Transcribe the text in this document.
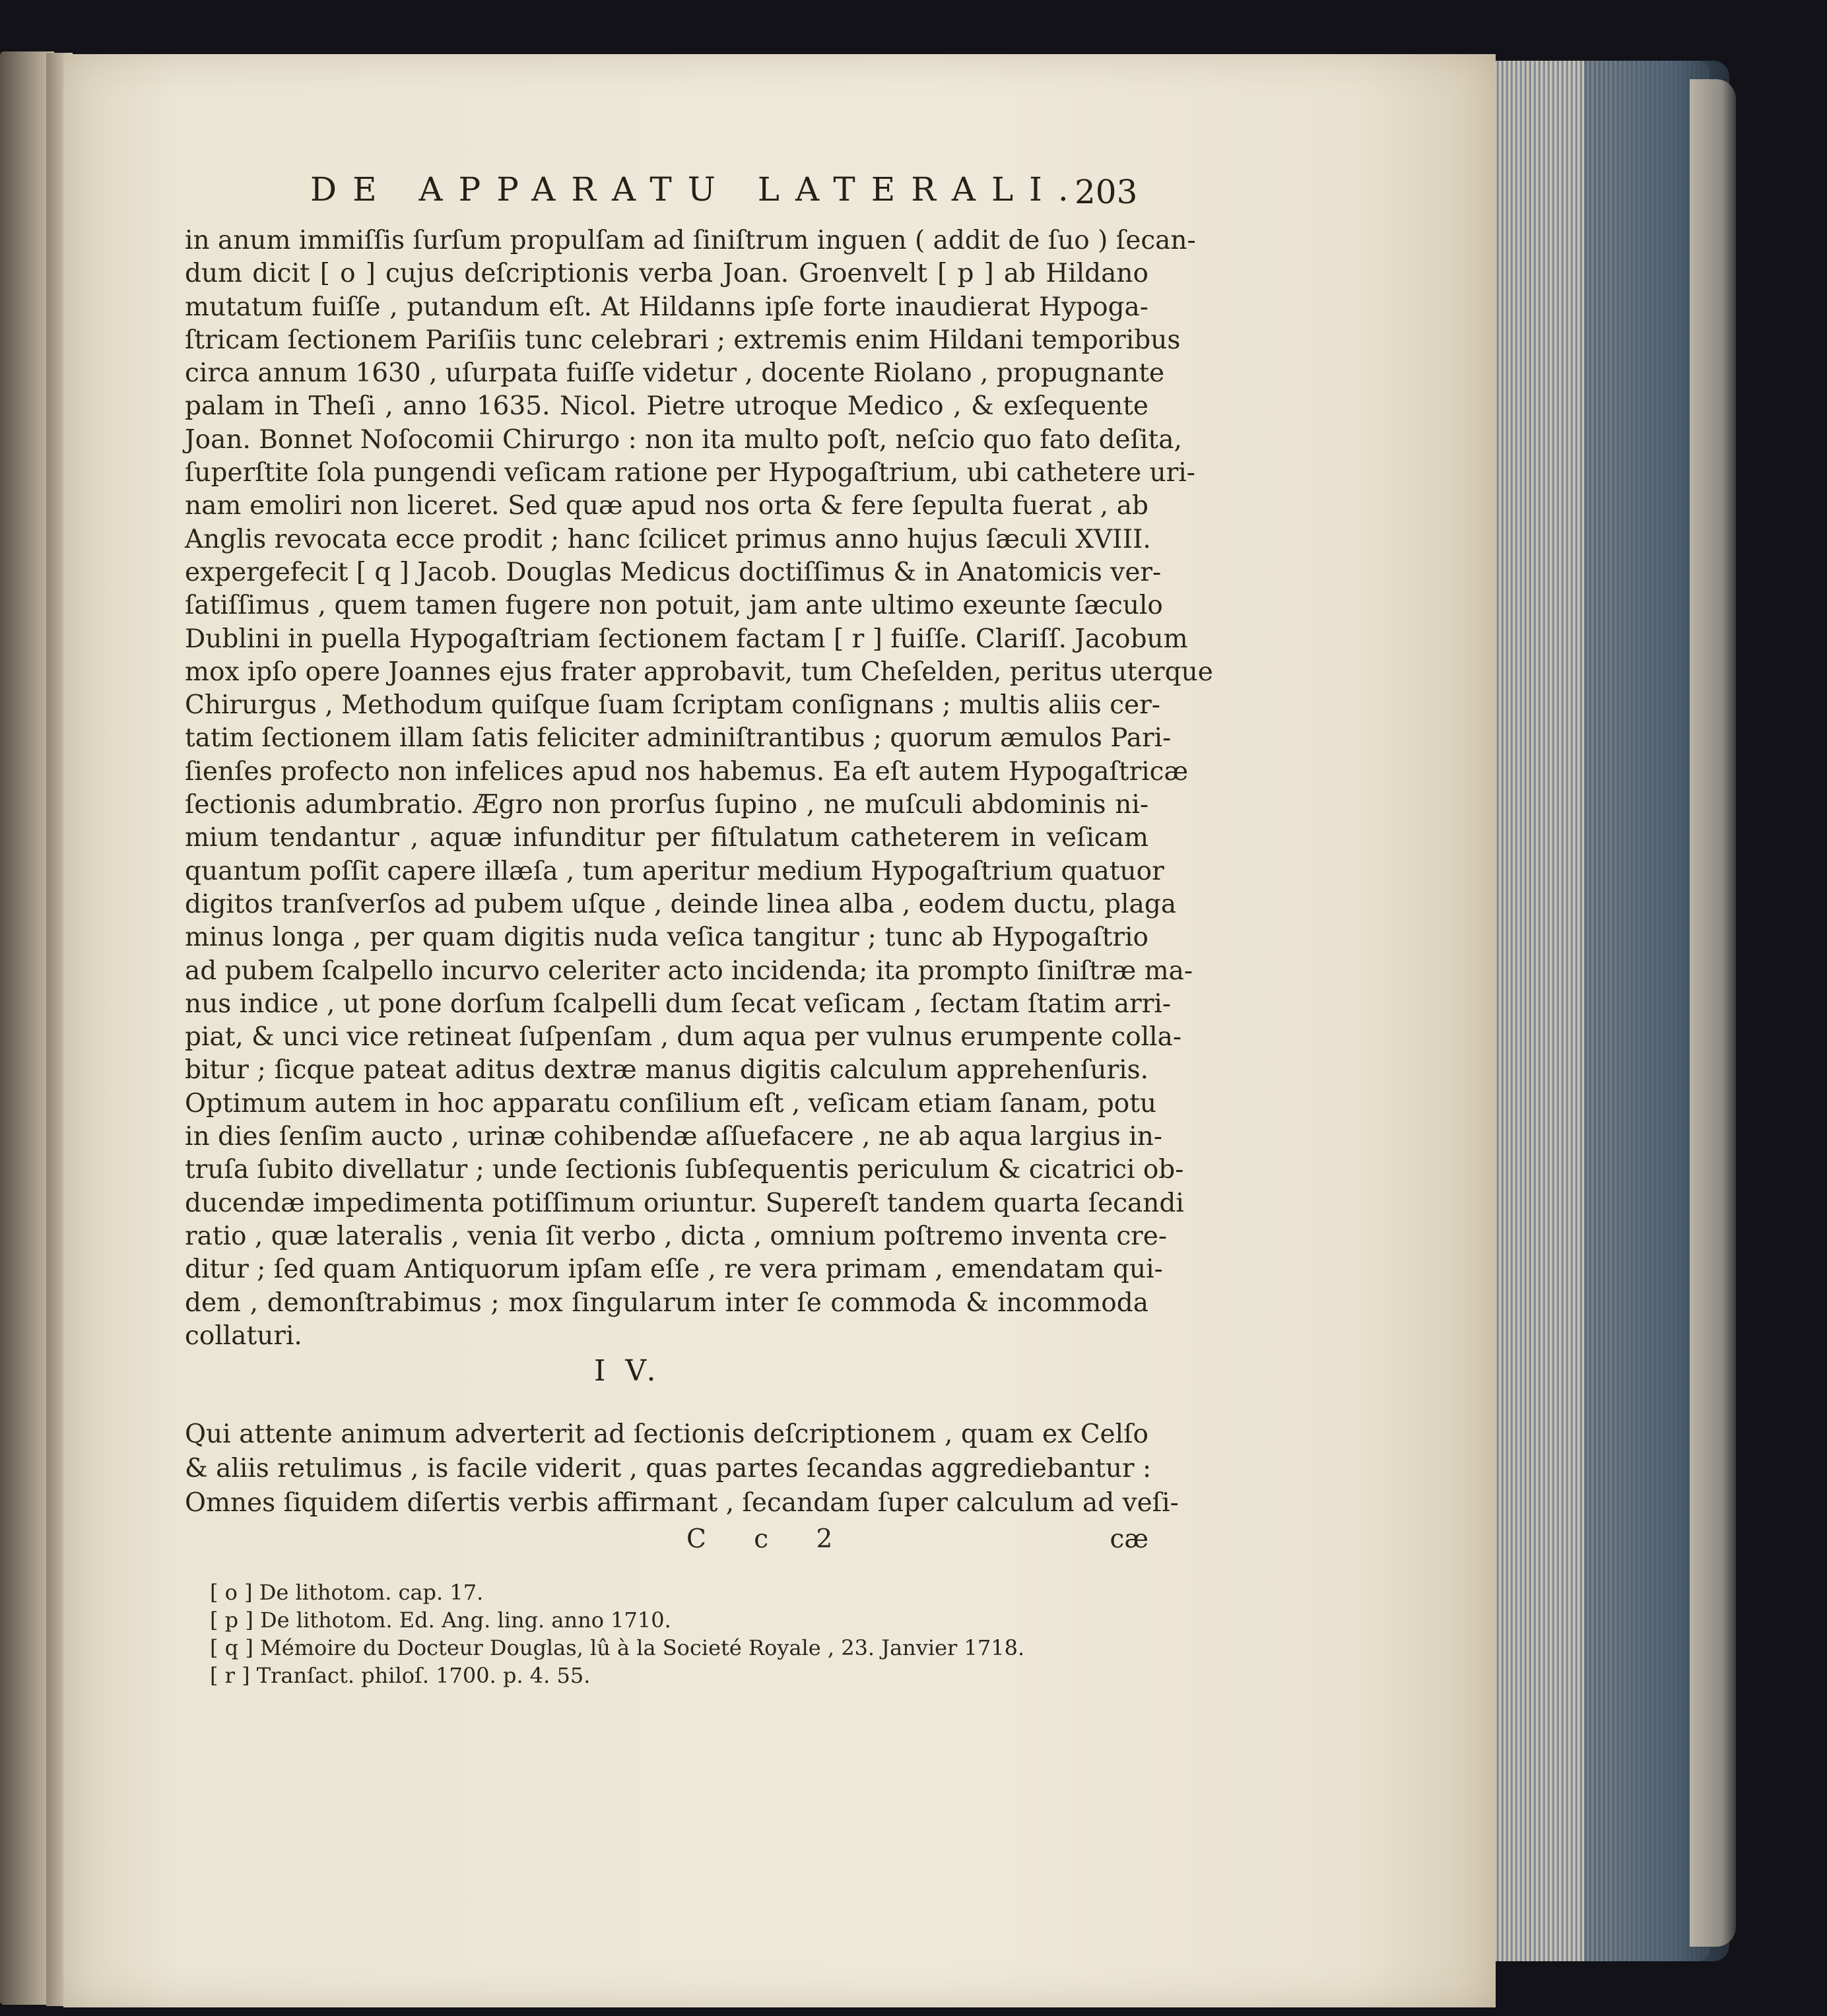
DE APPARATU LATERALI.
203
in anum immiſſis ſurſum propulſam ad ſiniſtrum inguen ( addit de ſuo ) ſecan-
dum dicit [ o ] cujus deſcriptionis verba Joan. Groenvelt [ p ] ab Hildano
mutatum fuiſſe , putandum eſt. At Hildanns ipſe forte inaudierat Hypoga-
ſtricam ſectionem Pariſiis tunc celebrari ; extremis enim Hildani temporibus
circa annum 1630 , uſurpata fuiſſe videtur , docente Riolano , propugnante
palam in Theſi , anno 1635. Nicol. Pietre utroque Medico , & exſequente
Joan. Bonnet Noſocomii Chirurgo : non ita multo poſt, neſcio quo fato deſita,
ſuperſtite ſola pungendi veſicam ratione per Hypogaſtrium, ubi cathetere uri-
nam emoliri non liceret. Sed quæ apud nos orta & fere ſepulta fuerat , ab
Anglis revocata ecce prodit ; hanc ſcilicet primus anno hujus ſæculi XVIII.
expergefecit [ q ] Jacob. Douglas Medicus doctiſſimus & in Anatomicis ver-
ſatiſſimus , quem tamen fugere non potuit, jam ante ultimo exeunte ſæculo
Dublini in puella Hypogaſtriam ſectionem factam [ r ] fuiſſe. Clariſſ. Jacobum
mox ipſo opere Joannes ejus frater approbavit, tum Cheſelden, peritus uterque
Chirurgus , Methodum quiſque ſuam ſcriptam conſignans ; multis aliis cer-
tatim ſectionem illam ſatis feliciter adminiſtrantibus ; quorum æmulos Pari-
ſienſes profecto non infelices apud nos habemus. Ea eſt autem Hypogaſtricæ
ſectionis adumbratio. Ægro non prorſus ſupino , ne muſculi abdominis ni-
mium tendantur , aquæ infunditur per fiſtulatum catheterem in veſicam
quantum poſſit capere illæſa , tum aperitur medium Hypogaſtrium quatuor
digitos tranſverſos ad pubem uſque , deinde linea alba , eodem ductu, plaga
minus longa , per quam digitis nuda veſica tangitur ; tunc ab Hypogaſtrio
ad pubem ſcalpello incurvo celeriter acto incidenda; ita prompto ſiniſtræ ma-
nus indice , ut pone dorſum ſcalpelli dum ſecat veſicam , ſectam ſtatim arri-
piat, & unci vice retineat ſuſpenſam , dum aqua per vulnus erumpente colla-
bitur ; ſicque pateat aditus dextræ manus digitis calculum apprehenſuris.
Optimum autem in hoc apparatu conſilium eſt , veſicam etiam ſanam, potu
in dies ſenſim aucto , urinæ cohibendæ aſſuefacere , ne ab aqua largius in-
truſa ſubito divellatur ; unde ſectionis ſubſequentis periculum & cicatrici ob-
ducendæ impedimenta potiſſimum oriuntur. Supereſt tandem quarta ſecandi
ratio , quæ lateralis , venia ſit verbo , dicta , omnium poſtremo inventa cre-
ditur ; ſed quam Antiquorum ipſam eſſe , re vera primam , emendatam qui-
dem , demonſtrabimus ; mox ſingularum inter ſe commoda & incommoda
collaturi.
I V.
Qui attente animum adverterit ad ſectionis deſcriptionem , quam ex Celſo
& aliis retulimus , is facile viderit , quas partes ſecandas aggrediebantur :
Omnes ſiquidem diſertis verbis affirmant , ſecandam ſuper calculum ad veſi-
C c 2	cæ
[ o ] De lithotom. cap. 17.
[ p ] De lithotom. Ed. Ang. ling. anno 1710.
[ q ] Mémoire du Docteur Douglas, lû à la Societé Royale , 23. Janvier 1718.
[ r ] Tranſact. philoſ. 1700. p. 4. 55.
